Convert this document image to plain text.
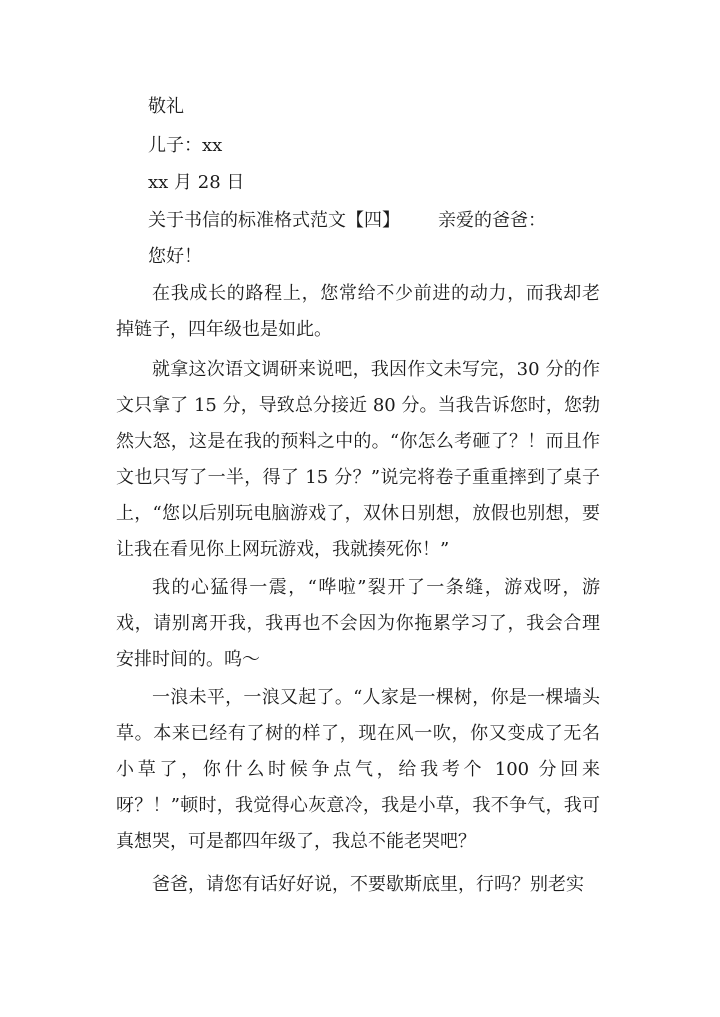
敬礼
儿子：xx
xx 月 28 日
关于书信的标准格式范文【四】 亲爱的爸爸：
您好！
在我成长的路程上，您常给不少前进的动力，而我却老掉链子，四年级也是如此。
就拿这次语文调研来说吧，我因作文未写完，30 分的作文只拿了 15 分，导致总分接近 80 分。当我告诉您时，您勃然大怒，这是在我的预料之中的。“你怎么考砸了？！而且作文也只写了一半，得了 15 分？”说完将卷子重重摔到了桌子上，“您以后别玩电脑游戏了，双休日别想，放假也别想，要让我在看见你上网玩游戏，我就揍死你！”
我的心猛得一震，“哗啦”裂开了一条缝，游戏呀，游戏，请别离开我，我再也不会因为你拖累学习了，我会合理安排时间的。呜～
一浪未平，一浪又起了。“人家是一棵树，你是一棵墙头草。本来已经有了树的样了，现在风一吹，你又变成了无名小草了，你什么时候争点气，给我考个 100 分回来呀？！”顿时，我觉得心灰意冷，我是小草，我不争气，我可真想哭，可是都四年级了，我总不能老哭吧？
爸爸，请您有话好好说，不要歇斯底里，行吗？别老实
